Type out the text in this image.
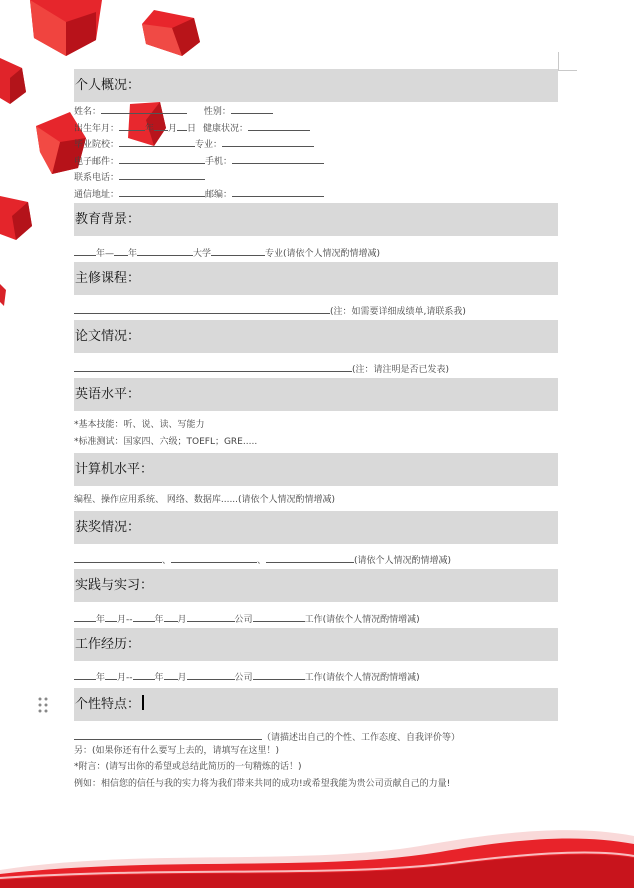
个人概况：
姓名：	性别：
出生年月：	年 月 日 健康状况：
毕业院校：	专业：
电子邮件：	手机：
联系电话：
通信地址：	邮编：
教育背景：
年— 年	大学	专业(请依个人情况酌情增减)
主修课程：
(注：如需要详细成绩单,请联系我)
论文情况：
(注：请注明是否已发表)
英语水平：
*基本技能：听、说、读、写能力
*标准测试：国家四、六级；TOEFL；GRE.....
计算机水平：
编程、操作应用系统、 网络、数据库......(请依个人情况酌情增减)
获奖情况：
、	、	(请依个人情况酌情增减)
实践与实习：
年 月-- 年 月	公司	工作(请依个人情况酌情增减)
工作经历：
年 月-- 年 月	公司	工作(请依个人情况酌情增减)
个性特点：
（请描述出自己的个性、工作态度、自我评价等）
另：(如果你还有什么要写上去的，请填写在这里！)
*附言：(请写出你的希望或总结此简历的一句精炼的话！)
例如：相信您的信任与我的实力将为我们带来共同的成功!或希望我能为贵公司贡献自己的力量!
